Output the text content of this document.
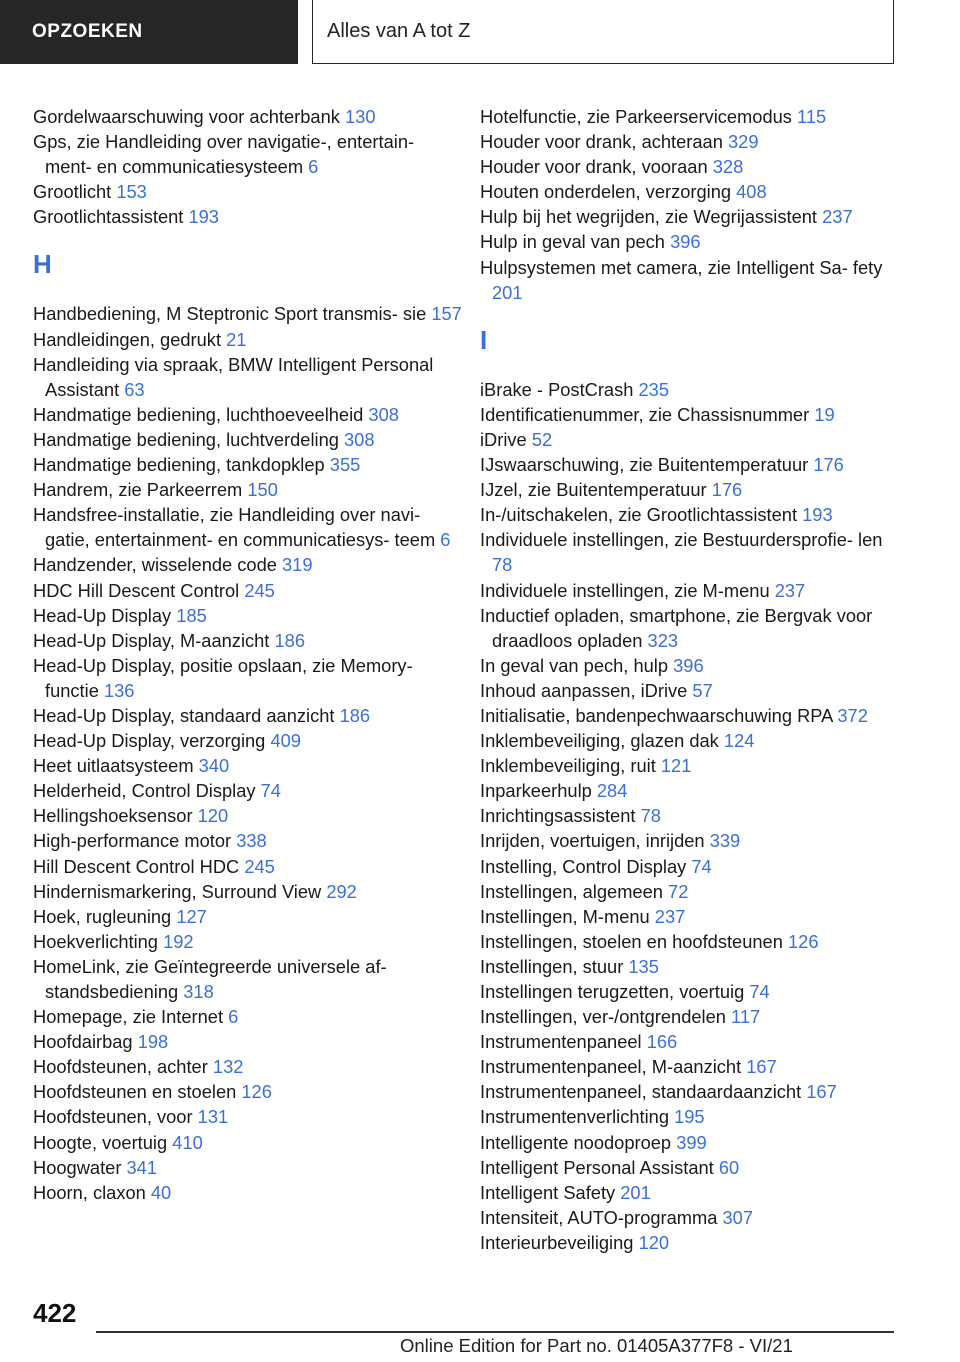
OPZOEKEN	Alles van A tot Z
Gordelwaarschuwing voor achterbank 130
Gps, zie Handleiding over navigatie-, entertain- ment- en communicatiesysteem 6
Grootlicht 153
Grootlichtassistent 193
H
Handbediening, M Steptronic Sport transmis- sie 157
Handleidingen, gedrukt 21
Handleiding via spraak, BMW Intelligent Personal Assistant 63
Handmatige bediening, luchthoeveelheid 308
Handmatige bediening, luchtverdeling 308
Handmatige bediening, tankdopklep 355
Handrem, zie Parkeerrem 150
Handsfree-installatie, zie Handleiding over navi- gatie, entertainment- en communicatiesys- teem 6
Handzender, wisselende code 319
HDC Hill Descent Control 245
Head-Up Display 185
Head-Up Display, M-aanzicht 186
Head-Up Display, positie opslaan, zie Memory- functie 136
Head-Up Display, standaard aanzicht 186
Head-Up Display, verzorging 409
Heet uitlaatsysteem 340
Helderheid, Control Display 74
Hellingshoeksensor 120
High-performance motor 338
Hill Descent Control HDC 245
Hindernismarkering, Surround View 292
Hoek, rugleuning 127
Hoekverlichting 192
HomeLink, zie Geïntegreerde universele af- standsbediening 318
Homepage, zie Internet 6
Hoofdairbag 198
Hoofdsteunen, achter 132
Hoofdsteunen en stoelen 126
Hoofdsteunen, voor 131
Hoogte, voertuig 410
Hoogwater 341
Hoorn, claxon 40
Hotelfunctie, zie Parkeerservicemodus 115
Houder voor drank, achteraan 329
Houder voor drank, vooraan 328
Houten onderdelen, verzorging 408
Hulp bij het wegrijden, zie Wegrijassistent 237
Hulp in geval van pech 396
Hulpsystemen met camera, zie Intelligent Sa- fety 201
I
iBrake - PostCrash 235
Identificatienummer, zie Chassisnummer 19
iDrive 52
IJswaarschuwing, zie Buitentemperatuur 176
IJzel, zie Buitentemperatuur 176
In-/uitschakelen, zie Grootlichtassistent 193
Individuele instellingen, zie Bestuurdersprofie- len 78
Individuele instellingen, zie M-menu 237
Inductief opladen, smartphone, zie Bergvak voor draadloos opladen 323
In geval van pech, hulp 396
Inhoud aanpassen, iDrive 57
Initialisatie, bandenpechwaarschuwing RPA 372
Inklembeveiliging, glazen dak 124
Inklembeveiliging, ruit 121
Inparkeerhulp 284
Inrichtingsassistent 78
Inrijden, voertuigen, inrijden 339
Instelling, Control Display 74
Instellingen, algemeen 72
Instellingen, M-menu 237
Instellingen, stoelen en hoofdsteunen 126
Instellingen, stuur 135
Instellingen terugzetten, voertuig 74
Instellingen, ver-/ontgrendelen 117
Instrumentenpaneel 166
Instrumentenpaneel, M-aanzicht 167
Instrumentenpaneel, standaardaanzicht 167
Instrumentenverlichting 195
Intelligente noodoproep 399
Intelligent Personal Assistant 60
Intelligent Safety 201
Intensiteit, AUTO-programma 307
Interieurbeveiliging 120
422
Online Edition for Part no. 01405A377F8 - VI/21
